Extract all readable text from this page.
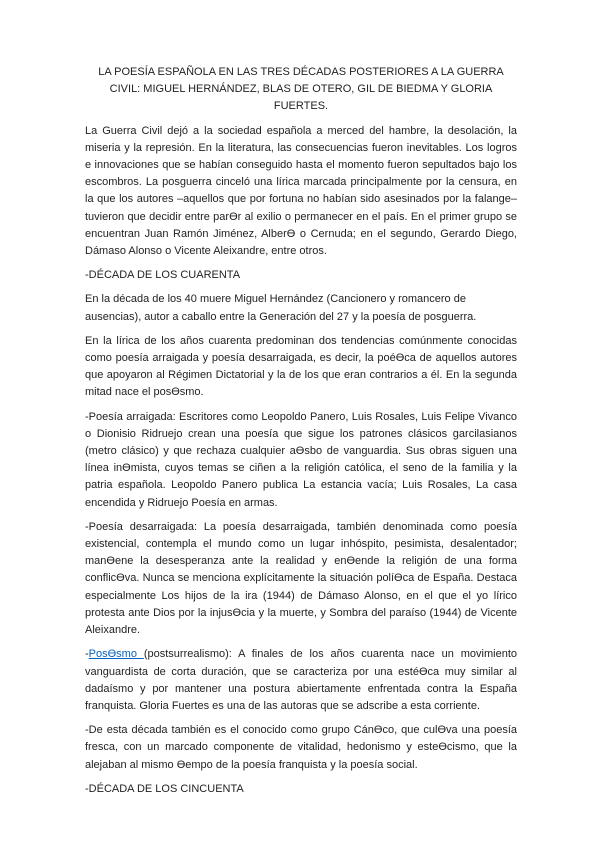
LA POESÍA ESPAÑOLA EN LAS TRES DÉCADAS POSTERIORES A LA GUERRA CIVIL: MIGUEL HERNÁNDEZ, BLAS DE OTERO, GIL DE BIEDMA Y GLORIA FUERTES.

La Guerra Civil dejó a la sociedad española a merced del hambre, la desolación, la miseria y la represión. En la literatura, las consecuencias fueron inevitables. Los logros e innovaciones que se habían conseguido hasta el momento fueron sepultados bajo los escombros. La posguerra cinceló una lírica marcada principalmente por la censura, en la que los autores –aquellos que por fortuna no habían sido asesinados por la falange– tuvieron que decidir entre parƟr al exilio o permanecer en el país. En el primer grupo se encuentran Juan Ramón Jiménez, AlberƟ o Cernuda; en el segundo, Gerardo Diego, Dámaso Alonso o Vicente Aleixandre, entre otros.

-DÉCADA DE LOS CUARENTA

En la década de los 40 muere Miguel Hernández (Cancionero y romancero de ausencias), autor a caballo entre la Generación del 27 y la poesía de posguerra.

En la lírica de los años cuarenta predominan dos tendencias comúnmente conocidas como poesía arraigada y poesía desarraigada, es decir, la poéƟca de aquellos autores que apoyaron al Régimen Dictatorial y la de los que eran contrarios a él. En la segunda mitad nace el posƟsmo.

-Poesía arraigada: Escritores como Leopoldo Panero, Luis Rosales, Luis Felipe Vivanco o Dionisio Ridruejo crean una poesía que sigue los patrones clásicos garcilasianos (metro clásico) y que rechaza cualquier aƟsbo de vanguardia. Sus obras siguen una línea inƟmista, cuyos temas se ciñen a la religión católica, el seno de la familia y la patria española. Leopoldo Panero publica La estancia vacía; Luis Rosales, La casa encendida y Ridruejo Poesía en armas.

-Poesía desarraigada: La poesía desarraigada, también denominada como poesía existencial, contempla el mundo como un lugar inhóspito, pesimista, desalentador; manƟene la desesperanza ante la realidad y enƟende la religión de una forma conflicƟva. Nunca se menciona explícitamente la situación políƟca de España. Destaca especialmente Los hijos de la ira (1944) de Dámaso Alonso, en el que el yo lírico protesta ante Dios por la injusƟcia y la muerte, y Sombra del paraíso (1944) de Vicente Aleixandre.

-PosƟsmo (postsurrealismo): A finales de los años cuarenta nace un movimiento vanguardista de corta duración, que se caracteriza por una estéƟca muy similar al dadaísmo y por mantener una postura abiertamente enfrentada contra la España franquista. Gloria Fuertes es una de las autoras que se adscribe a esta corriente.

-De esta década también es el conocido como grupo CánƟco, que culƟva una poesía fresca, con un marcado componente de vitalidad, hedonismo y esteƟcismo, que la alejaban al mismo Ɵempo de la poesía franquista y la poesía social.

-DÉCADA DE LOS CINCUENTA
